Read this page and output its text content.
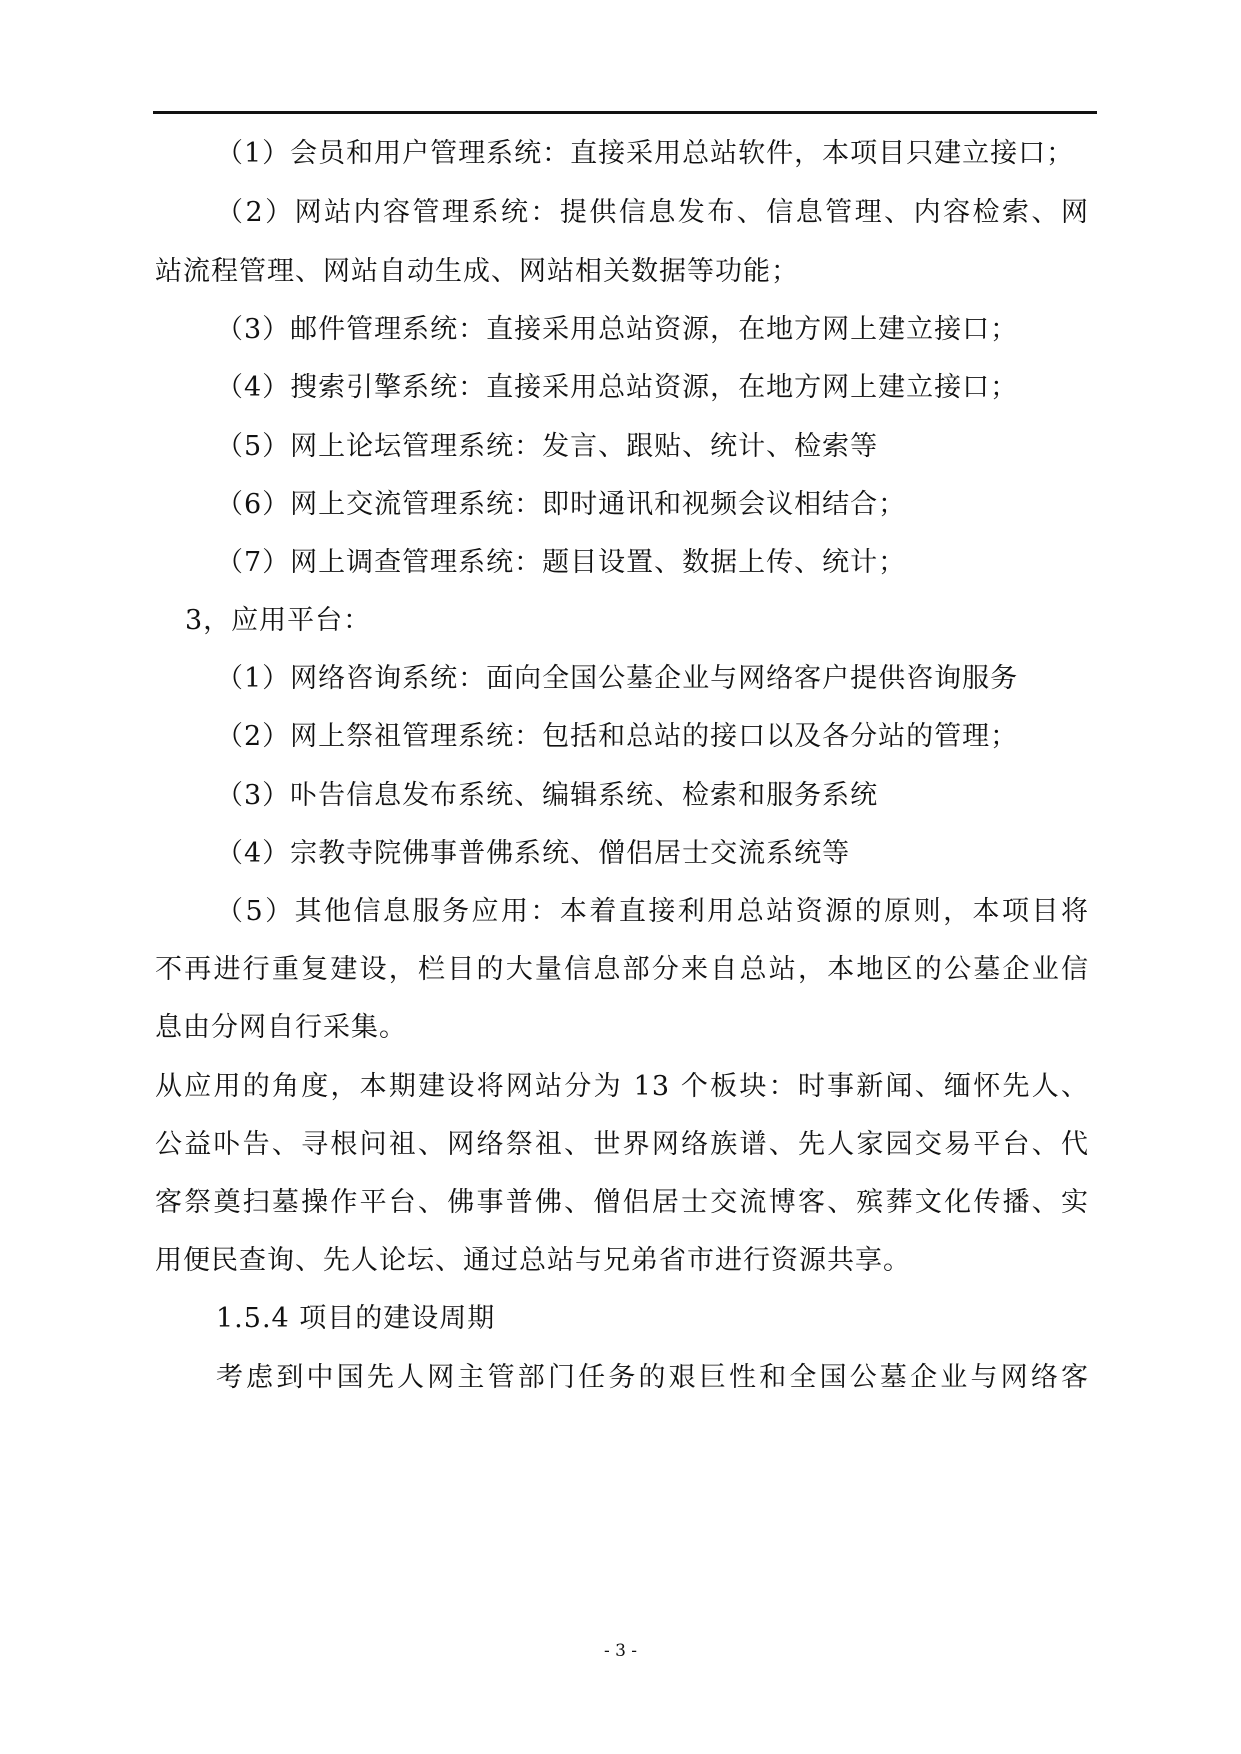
（1）会员和用户管理系统：直接采用总站软件，本项目只建立接口；
（2）网站内容管理系统：提供信息发布、信息管理、内容检索、网
站流程管理、网站自动生成、网站相关数据等功能；
（3）邮件管理系统：直接采用总站资源，在地方网上建立接口；
（4）搜索引擎系统：直接采用总站资源，在地方网上建立接口；
（5）网上论坛管理系统：发言、跟贴、统计、检索等
（6）网上交流管理系统：即时通讯和视频会议相结合；
（7）网上调查管理系统：题目设置、数据上传、统计；
3，应用平台：
（1）网络咨询系统：面向全国公墓企业与网络客户提供咨询服务
（2）网上祭祖管理系统：包括和总站的接口以及各分站的管理；
（3）卟告信息发布系统、编辑系统、检索和服务系统
（4）宗教寺院佛事普佛系统、僧侣居士交流系统等
（5）其他信息服务应用：本着直接利用总站资源的原则，本项目将
不再进行重复建设，栏目的大量信息部分来自总站，本地区的公墓企业信
息由分网自行采集。
从应用的角度，本期建设将网站分为 13 个板块：时事新闻、缅怀先人、
公益卟告、寻根问祖、网络祭祖、世界网络族谱、先人家园交易平台、代
客祭奠扫墓操作平台、佛事普佛、僧侣居士交流博客、殡葬文化传播、实
用便民查询、先人论坛、通过总站与兄弟省市进行资源共享。
1.5.4 项目的建设周期
考虑到中国先人网主管部门任务的艰巨性和全国公墓企业与网络客
- 3 -
